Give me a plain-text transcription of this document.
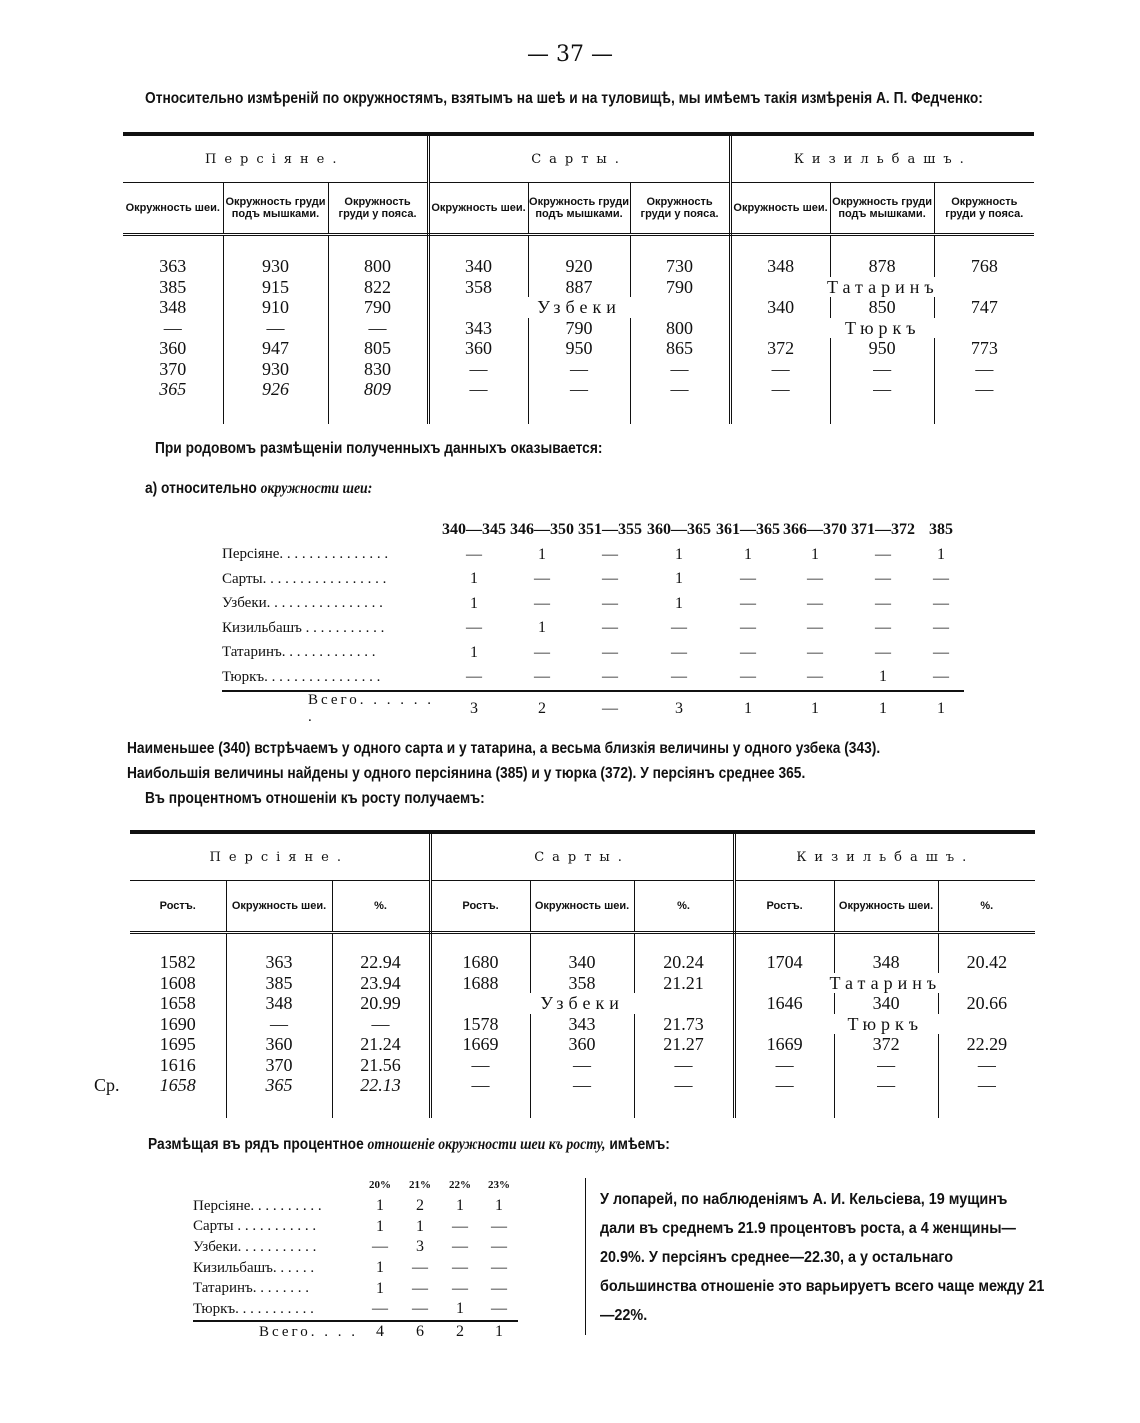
— 37 —
Относительно измѣреній по окружностямъ, взятымъ на шеѣ и на туловищѣ, мы имѣемъ такія измѣренія А. П. Федченко:
Персіяне.			Сарты.			Кизильбашъ.		
Окружность шеи.	Окружность груди подъ мышками.	Окружность груди у пояса.	Окружность шеи.	Окружность груди подъ мышками.	Окружность груди у пояса.	Окружность шеи.	Окружность груди подъ мышками.	Окружность груди у пояса.

363	930	800	340	920	730	348	878	768
385	915	822	358	887	790	Татаринъ		
348	910	790	Узбеки			340	850	747
—	—	—	343	790	800	Тюркъ		
360	947	805	360	950	865	372	950	773
370	930	830	—	—	—	—	—	—
365	926	809	—	—	—	—	—	—

При родовомъ размѣщеніи полученныхъ данныхъ оказывается:
а) относительно окружности шеи:
	340—345	346—350	351—355	360—365	361—365	366—370	371—372	385
Персіяне. . . . . . . . . . . . . . .	—	1	—	1	1	1	—	1
Сарты. . . . . . . . . . . . . . . . .	1	—	—	1	—	—	—	—
Узбеки. . . . . . . . . . . . . . . .	1	—	—	1	—	—	—	—
Кизильбашъ . . . . . . . . . . .	—	1	—	—	—	—	—	—
Татаринъ. . . . . . . . . . . . .	1	—	—	—	—	—	—	—
Тюркъ. . . . . . . . . . . . . . . .	—	—	—	—	—	—	1	—
Всего. . . . . . .	3	2	—	3	1	1	1	1
Наименьшее (340) встрѣчаемъ у одного сарта и у татарина, а весьма близкія величины у одного узбека (343).
Наибольшія величины найдены у одного персіянина (385) и у тюрка (372). У персіянъ среднее 365.
Въ процентномъ отношеніи къ росту получаемъ:
Персіяне.			Сарты.			Кизильбашъ.		
Ростъ.	Окружность шеи.	%.	Ростъ.	Окружность шеи.	%.	Ростъ.	Окружность шеи.	%.

1582	363	22.94	1680	340	20.24	1704	348	20.42
1608	385	23.94	1688	358	21.21	Татаринъ		
1658	348	20.99	Узбеки			1646	340	20.66
1690	—	—	1578	343	21.73	Тюркъ		
1695	360	21.24	1669	360	21.27	1669	372	22.29
1616	370	21.56	—	—	—	—	—	—

Ср. 1658	365	22.13	—	—	—	—	—	—

Размѣщая въ рядъ процентное отношеніе окружности шеи къ росту, имѣемъ:
	20%	21%	22%	23%
Персіяне. . . . . . . . . .	1	2	1	1
Сарты . . . . . . . . . . .	1	1	—	—
Узбеки. . . . . . . . . . .	—	3	—	—
Кизильбашъ. . . . . .	1	—	—	—
Татаринъ. . . . . . . .	1	—	—	—
Тюркъ. . . . . . . . . . .	—	—	1	—
Всего. . . .	4	6	2	1
У лопарей, по наблюденіямъ А. И. Кельсіева, 19 мущинъ дали въ среднемъ 21.9 процентовъ роста, а 4 женщины—20.9%. У персіянъ среднее—22.30, а у остальнаго большинства отношеніе это варьируетъ всего чаще между 21—22%.
